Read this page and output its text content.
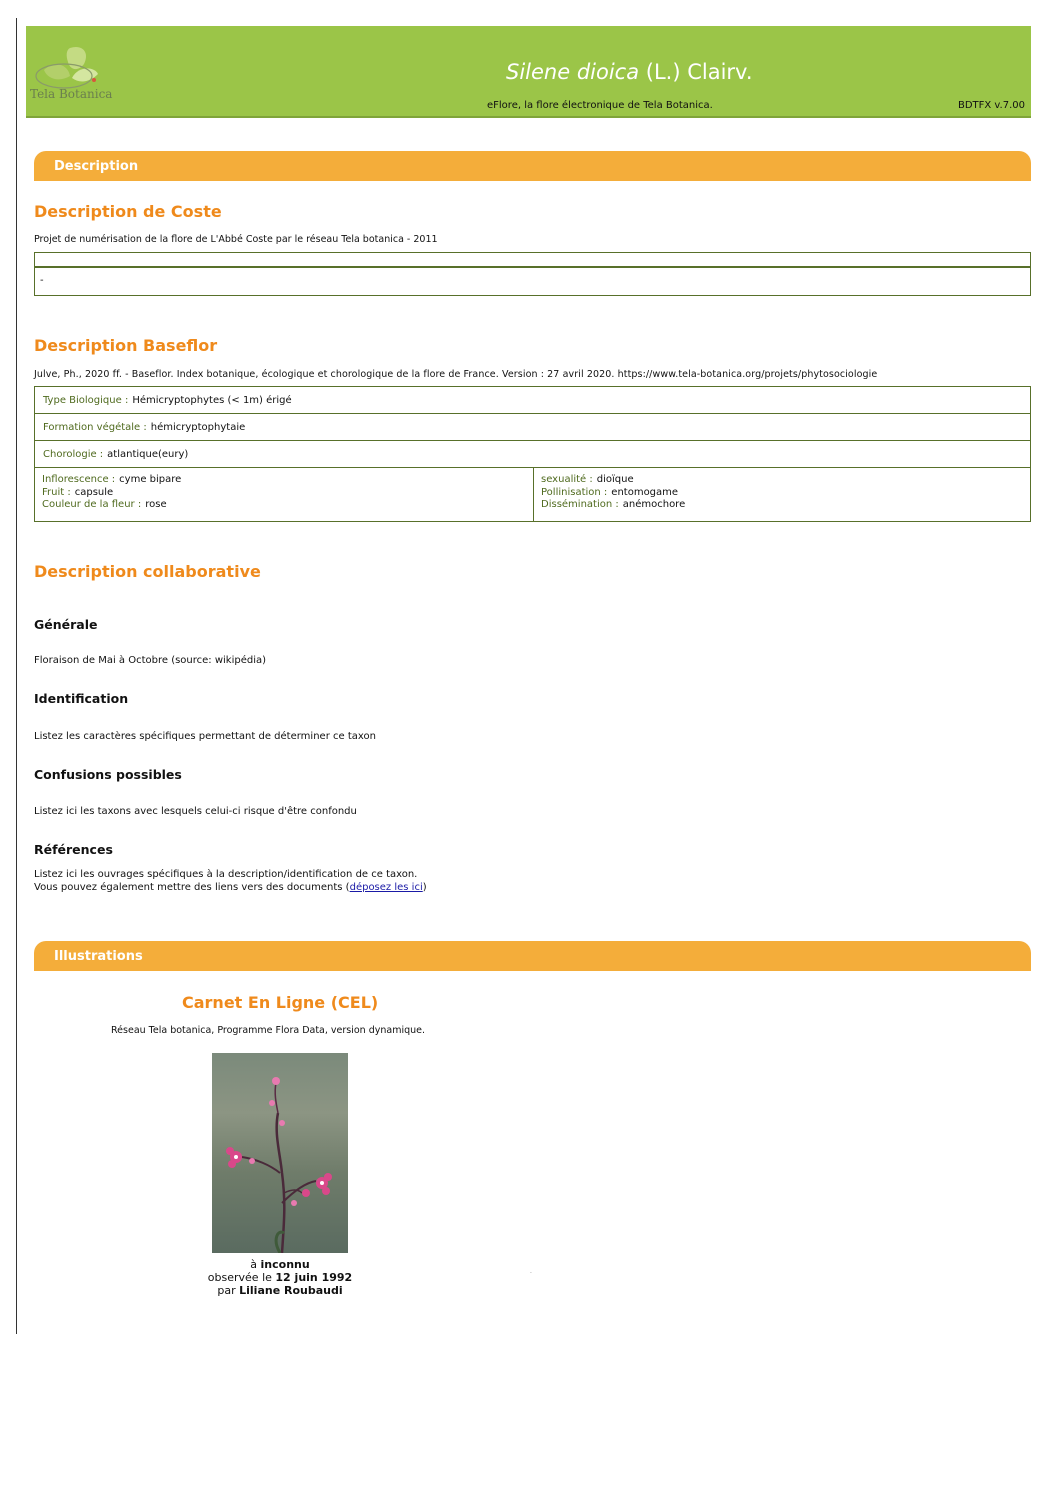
Tela Botanica
Silene dioica (L.) Clairv.
eFlore, la flore électronique de Tela Botanica.	BDTFX v.7.00
Description
Description de Coste
Projet de numérisation de la flore de L'Abbé Coste par le réseau Tela botanica - 2011
-
Description Baseflor
Julve, Ph., 2020 ff. - Baseflor. Index botanique, écologique et chorologique de la flore de France. Version : 27 avril 2020. https://www.tela-botanica.org/projets/phytosociologie
Type Biologique : Hémicryptophytes (< 1m) érigé
Formation végétale : hémicryptophytaie
Chorologie : atlantique(eury)
Inflorescence : cyme bipare
Fruit : capsule
Couleur de la fleur : rose
sexualité : dioïque
Pollinisation : entomogame
Dissémination : anémochore
Description collaborative
Générale
Floraison de Mai à Octobre (source: wikipédia)
Identification
Listez les caractères spécifiques permettant de déterminer ce taxon
Confusions possibles
Listez ici les taxons avec lesquels celui-ci risque d'être confondu
Références
Listez ici les ouvrages spécifiques à la description/identification de ce taxon.
Vous pouvez également mettre des liens vers des documents (déposez les ici)
Illustrations
Carnet En Ligne (CEL)
Réseau Tela botanica, Programme Flora Data, version dynamique.
à inconnu
observée le 12 juin 1992
par Liliane Roubaudi
.
